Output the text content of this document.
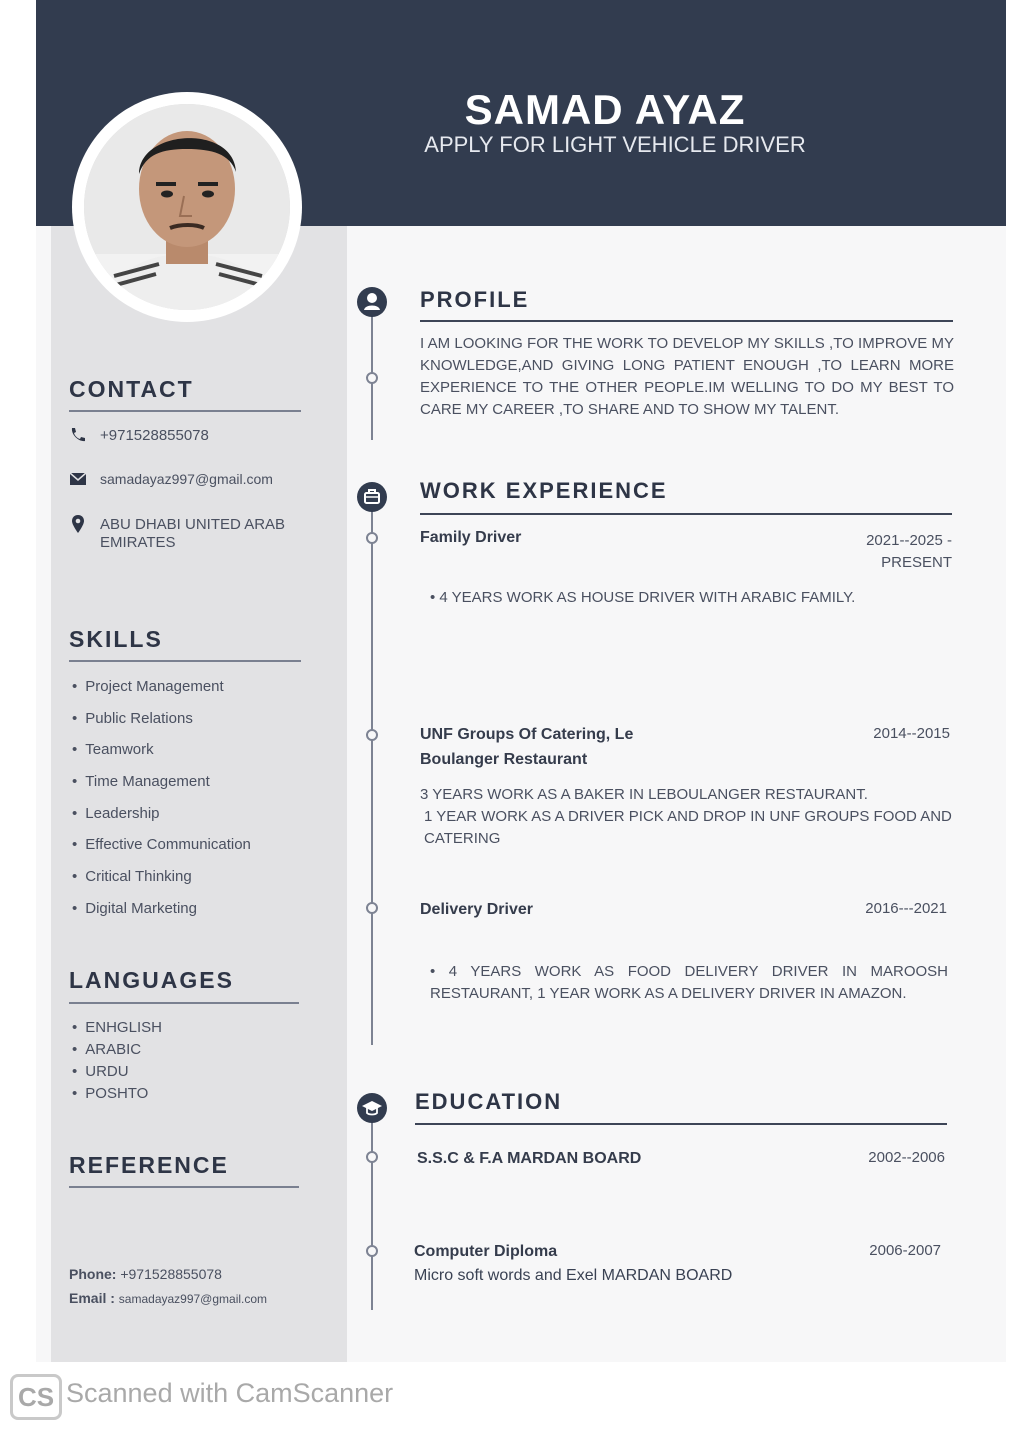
SAMAD AYAZ
APPLY FOR LIGHT VEHICLE DRIVER
CONTACT
+971528855078
samadayaz997@gmail.com
ABU DHABI UNITED ARAB
EMIRATES
SKILLS
• Project Management
• Public Relations
• Teamwork
• Time Management
• Leadership
• Effective Communication
• Critical Thinking
• Digital Marketing
LANGUAGES
• ENHGLISH
• ARABIC
• URDU
• POSHTO
REFERENCE
Phone: +971528855078
Email : samadayaz997@gmail.com
PROFILE
I AM LOOKING FOR THE WORK TO DEVELOP MY SKILLS ,TO IMPROVE MY KNOWLEDGE,AND GIVING LONG PATIENT ENOUGH ,TO LEARN MORE EXPERIENCE TO THE OTHER PEOPLE.IM WELLING TO DO MY BEST TO CARE MY CAREER ,TO SHARE AND TO SHOW MY TALENT.
WORK EXPERIENCE
Family Driver	2021--2025 -
PRESENT
• 4 YEARS WORK AS HOUSE DRIVER WITH ARABIC FAMILY.
UNF Groups Of Catering, Le
Boulanger Restaurant
2014--2015
3 YEARS WORK AS A BAKER IN LEBOULANGER RESTAURANT.
1 YEAR WORK AS A DRIVER PICK AND DROP IN UNF GROUPS FOOD AND CATERING
Delivery Driver	2016---2021
• 4 YEARS WORK AS FOOD DELIVERY DRIVER IN MAROOSH RESTAURANT, 1 YEAR WORK AS A DELIVERY DRIVER IN AMAZON.
EDUCATION
S.S.C & F.A MARDAN BOARD	2002--2006
Computer Diploma
Micro soft words and Exel MARDAN BOARD
2006-2007
CS Scanned with CamScanner
